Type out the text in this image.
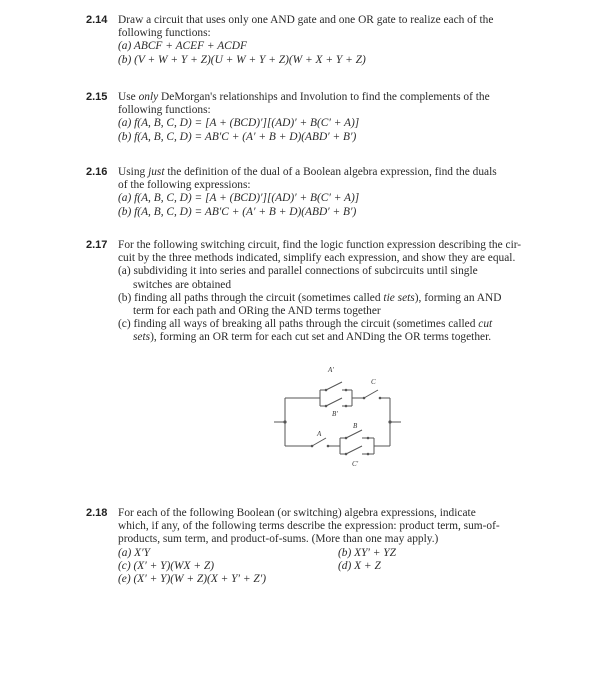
2.14 Draw a circuit that uses only one AND gate and one OR gate to realize each of the
following functions:
(a) ABCF + ACEF + ACDF
(b) (V + W + Y + Z)(U + W + Y + Z)(W + X + Y + Z)
2.15 Use only DeMorgan's relationships and Involution to find the complements of the
following functions:
(a) f(A, B, C, D) = [A + (BCD)′][(AD)′ + B(C′ + A)]
(b) f(A, B, C, D) = AB′C + (A′ + B + D)(ABD′ + B′)
2.16 Using just the definition of the dual of a Boolean algebra expression, find the duals
of the following expressions:
(a) f(A, B, C, D) = [A + (BCD)′][(AD)′ + B(C′ + A)]
(b) f(A, B, C, D) = AB′C + (A′ + B + D)(ABD′ + B′)
2.17 For the following switching circuit, find the logic function expression describing the cir-
cuit by the three methods indicated, simplify each expression, and show they are equal.
(a) subdividing it into series and parallel connections of subcircuits until single
switches are obtained
(b) finding all paths through the circuit (sometimes called tie sets), forming an AND
term for each path and ORing the AND terms together
(c) finding all ways of breaking all paths through the circuit (sometimes called cut
sets), forming an OR term for each cut set and ANDing the OR terms together.
A′
C
B′
B
A
C′
2.18 For each of the following Boolean (or switching) algebra expressions, indicate
which, if any, of the following terms describe the expression: product term, sum-of-
products, sum term, and product-of-sums. (More than one may apply.)
(a) X′Y	(b) XY′ + YZ
(c) (X′ + Y)(WX + Z)	(d) X + Z
(e) (X′ + Y)(W + Z)(X + Y′ + Z′)
